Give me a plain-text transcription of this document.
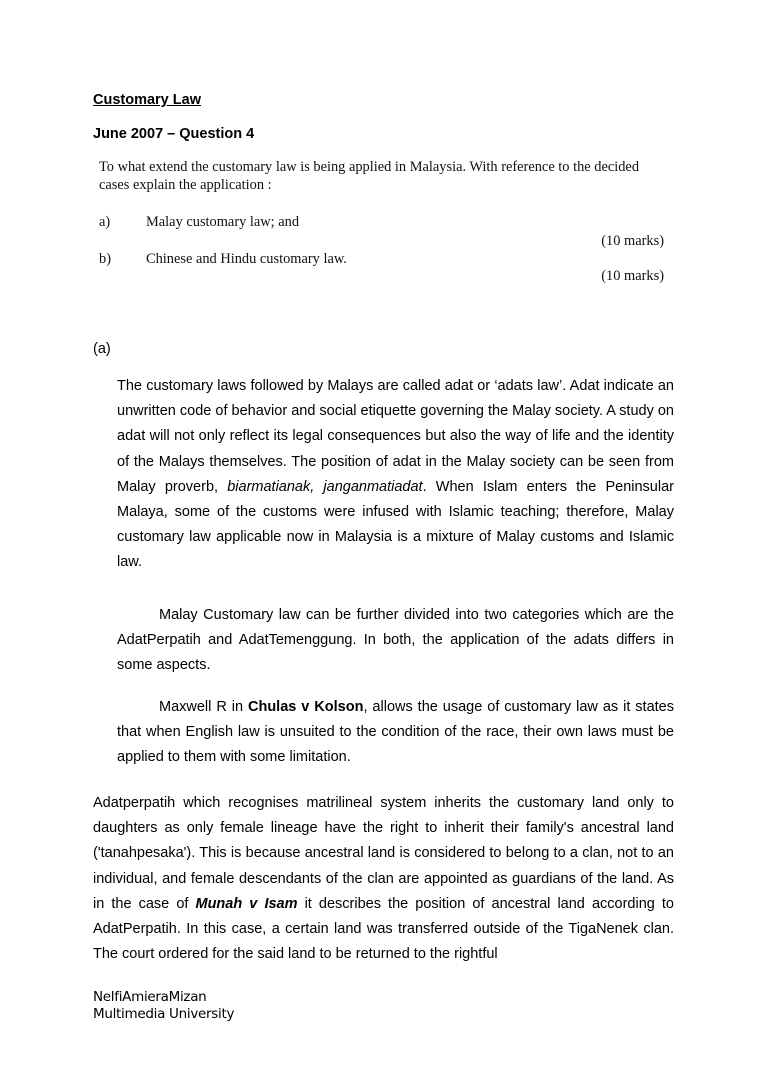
Customary Law
June 2007 – Question 4

To what extend the customary law is being applied in Malaysia. With reference to the decided cases explain the application :

a) Malay customary law; and

(10 marks)

b) Chinese and Hindu customary law.

(10 marks)

(a)

The customary laws followed by Malays are called adat or ‘adats law’. Adat indicate an unwritten code of behavior and social etiquette governing the Malay society. A study on adat will not only reflect its legal consequences but also the way of life and the identity of the Malays themselves. The position of adat in the Malay society can be seen from Malay proverb, biarmatianak, janganmatiadat. When Islam enters the Peninsular Malaya, some of the customs were infused with Islamic teaching; therefore, Malay customary law applicable now in Malaysia is a mixture of Malay customs and Islamic law.

Malay Customary law can be further divided into two categories which are the AdatPerpatih and AdatTemenggung. In both, the application of the adats differs in some aspects.

Maxwell R in Chulas v Kolson, allows the usage of customary law as it states that when English law is unsuited to the condition of the race, their own laws must be applied to them with some limitation.

Adatperpatih which recognises matrilineal system inherits the customary land only to daughters as only female lineage have the right to inherit their family's ancestral land ('tanahpesaka'). This is because ancestral land is considered to belong to a clan, not to an individual, and female descendants of the clan are appointed as guardians of the land. As in the case of Munah v Isam it describes the position of ancestral land according to AdatPerpatih. In this case, a certain land was transferred outside of the TigaNenek clan. The court ordered for the said land to be returned to the rightful

NelfiAmieraMizan
Multimedia University
